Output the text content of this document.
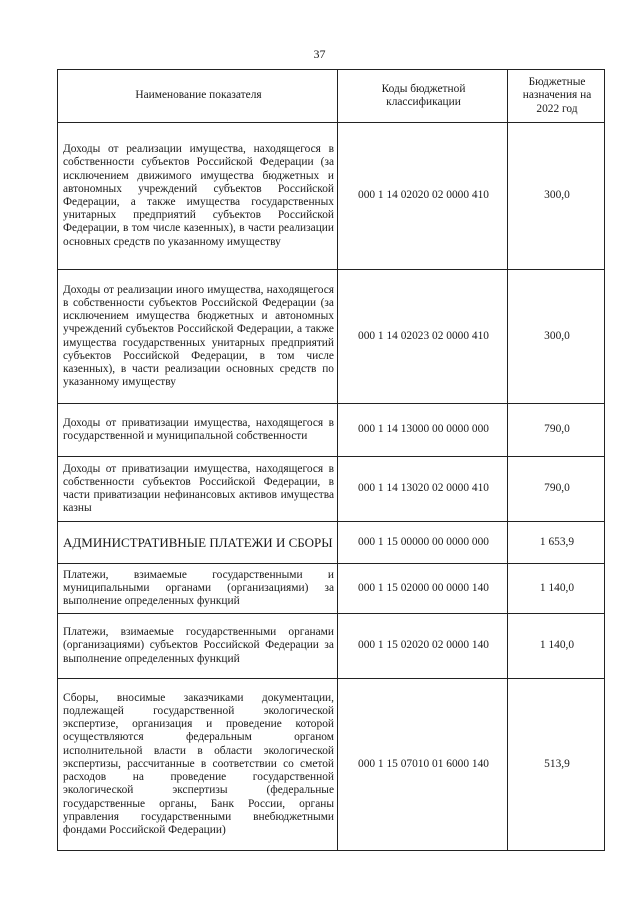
37
Наименование показателя	Коды бюджетной классификации	Бюджетные назначения на 2022 год
Доходы от реализации имущества, находящегося в собственности субъектов Российской Федерации (за исключением движимого имущества бюджетных и автономных учреждений субъектов Российской Федерации, а также имущества государственных унитарных предприятий субъектов Российской Федерации, в том числе казенных), в части реализации основных средств по указанному имуществу	000 1 14 02020 02 0000 410	300,0
Доходы от реализации иного имущества, находящегося в собственности субъектов Российской Федерации (за исключением имущества бюджетных и автономных учреждений субъектов Российской Федерации, а также имущества государственных унитарных предприятий субъектов Российской Федерации, в том числе казенных), в части реализации основных средств по указанному имуществу	000 1 14 02023 02 0000 410	300,0
Доходы от приватизации имущества, находящегося в государственной и муниципальной собственности	000 1 14 13000 00 0000 000	790,0
Доходы от приватизации имущества, находящегося в собственности субъектов Российской Федерации, в части приватизации нефинансовых активов имущества казны	000 1 14 13020 02 0000 410	790,0
АДМИНИСТРАТИВНЫЕ ПЛАТЕЖИ И СБОРЫ	000 1 15 00000 00 0000 000	1 653,9
Платежи, взимаемые государственными и муниципальными органами (организациями) за выполнение определенных функций	000 1 15 02000 00 0000 140	1 140,0
Платежи, взимаемые государственными органами (организациями) субъектов Российской Федерации за выполнение определенных функций	000 1 15 02020 02 0000 140	1 140,0
Сборы, вносимые заказчиками документации, подлежащей государственной экологической экспертизе, организация и проведение которой осуществляются федеральным органом исполнительной власти в области экологической экспертизы, рассчитанные в соответствии со сметой расходов на проведение государственной экологической экспертизы (федеральные государственные органы, Банк России, органы управления государственными внебюджетными фондами Российской Федерации)	000 1 15 07010 01 6000 140	513,9
